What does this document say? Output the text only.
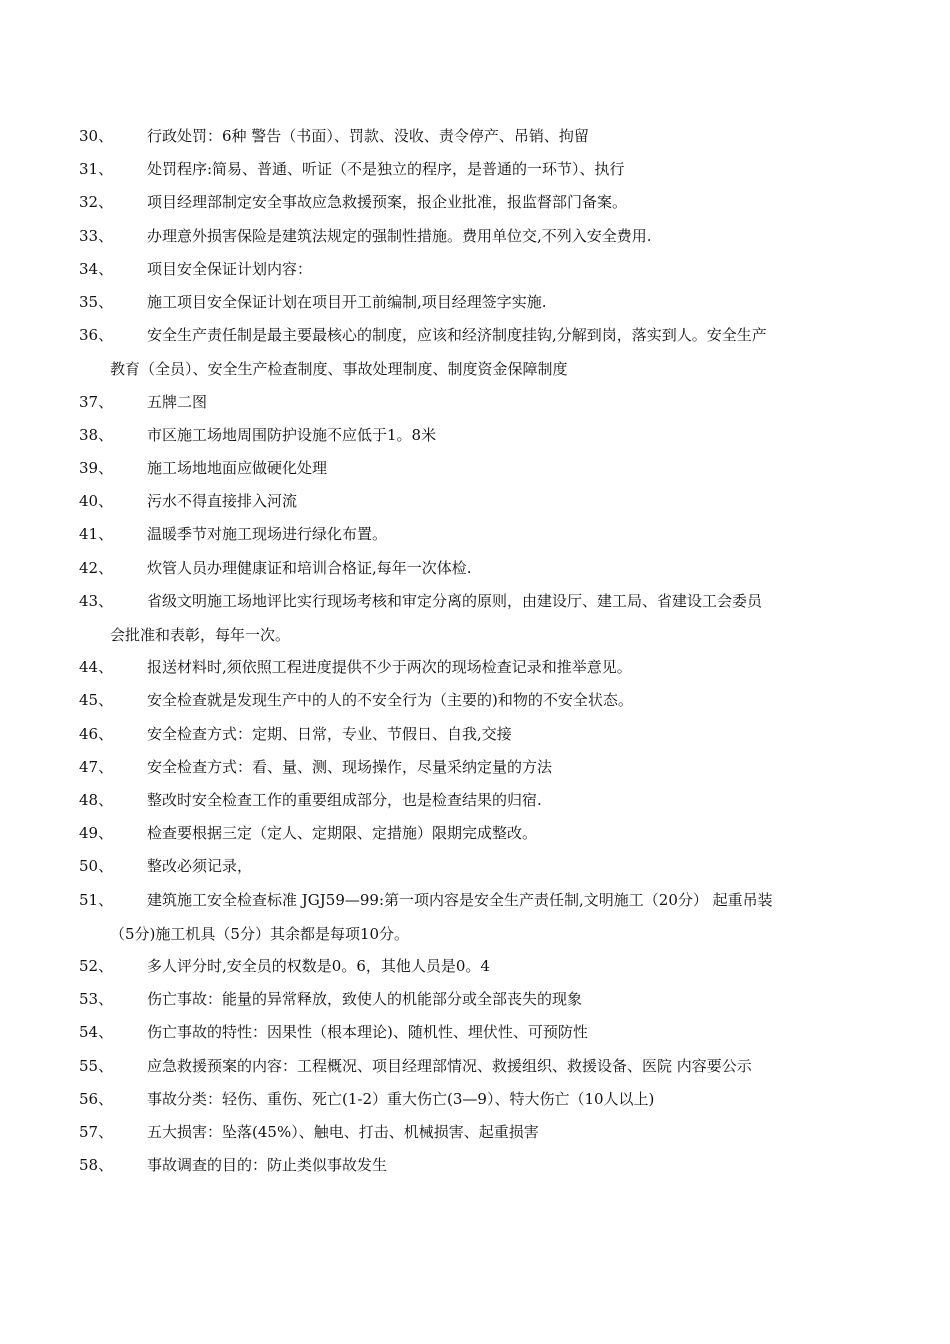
30、 行政处罚：6种 警告（书面）、罚款、没收、责令停产、吊销、拘留
31、 处罚程序:简易、普通、听证（不是独立的程序，是普通的一环节）、执行
32、 项目经理部制定安全事故应急救援预案，报企业批准，报监督部门备案。
33、 办理意外损害保险是建筑法规定的强制性措施。费用单位交,不列入安全费用.
34、 项目安全保证计划内容：
35、 施工项目安全保证计划在项目开工前编制,项目经理签字实施.
36、 安全生产责任制是最主要最核心的制度，应该和经济制度挂钩,分解到岗，落实到人。安全生产
教育（全员）、安全生产检查制度、事故处理制度、制度资金保障制度
37、 五牌二图
38、 市区施工场地周围防护设施不应低于1。8米
39、 施工场地地面应做硬化处理
40、 污水不得直接排入河流
41、 温暖季节对施工现场进行绿化布置。
42、 炊管人员办理健康证和培训合格证,每年一次体检.
43、 省级文明施工场地评比实行现场考核和审定分离的原则，由建设厅、建工局、省建设工会委员
会批准和表彰，每年一次。
44、 报送材料时,须依照工程进度提供不少于两次的现场检查记录和推举意见。
45、 安全检查就是发现生产中的人的不安全行为（主要的)和物的不安全状态。
46、 安全检查方式：定期、日常，专业、节假日、自我,交接
47、 安全检查方式：看、量、测、现场操作，尽量采纳定量的方法
48、 整改时安全检查工作的重要组成部分，也是检查结果的归宿.
49、 检查要根据三定（定人、定期限、定措施）限期完成整改。
50、 整改必须记录，
51、 建筑施工安全检查标准 JGJ59—99:第一项内容是安全生产责任制,文明施工（20分） 起重吊装
（5分)施工机具（5分）其余都是每项10分。
52、 多人评分时,安全员的权数是0。6，其他人员是0。4
53、 伤亡事故：能量的异常释放，致使人的机能部分或全部丧失的现象
54、 伤亡事故的特性：因果性（根本理论)、随机性、埋伏性、可预防性
55、 应急救援预案的内容：工程概况、项目经理部情况、救援组织、救援设备、医院 内容要公示
56、 事故分类：轻伤、重伤、死亡(1-2）重大伤亡(3—9）、特大伤亡（10人以上)
57、 五大损害：坠落(45%）、触电、打击、机械损害、起重损害
58、 事故调查的目的：防止类似事故发生
